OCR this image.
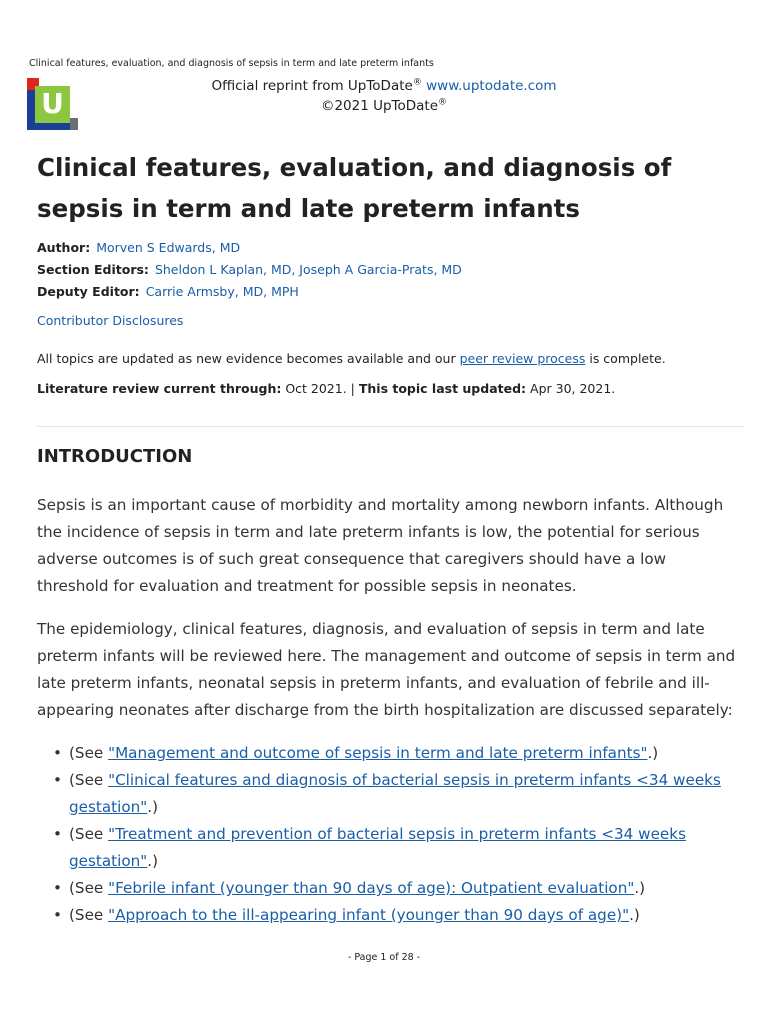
Clinical features, evaluation, and diagnosis of sepsis in term and late preterm infants
U
Official reprint from UpToDate® www.uptodate.com
©2021 UpToDate®
Clinical features, evaluation, and diagnosis of sepsis in term and late preterm infants
Author: Morven S Edwards, MD
Section Editors: Sheldon L Kaplan, MD, Joseph A Garcia-Prats, MD
Deputy Editor: Carrie Armsby, MD, MPH
Contributor Disclosures
All topics are updated as new evidence becomes available and our peer review process is complete.
Literature review current through: Oct 2021. | This topic last updated: Apr 30, 2021.
INTRODUCTION

Sepsis is an important cause of morbidity and mortality among newborn infants. Although the incidence of sepsis in term and late preterm infants is low, the potential for serious adverse outcomes is of such great consequence that caregivers should have a low threshold for evaluation and treatment for possible sepsis in neonates.

The epidemiology, clinical features, diagnosis, and evaluation of sepsis in term and late preterm infants will be reviewed here. The management and outcome of sepsis in term and late preterm infants, neonatal sepsis in preterm infants, and evaluation of febrile and ill-appearing neonates after discharge from the birth hospitalization are discussed separately:

• (See "Management and outcome of sepsis in term and late preterm infants".)
• (See "Clinical features and diagnosis of bacterial sepsis in preterm infants <34 weeks gestation".)
• (See "Treatment and prevention of bacterial sepsis in preterm infants <34 weeks gestation".)
• (See "Febrile infant (younger than 90 days of age): Outpatient evaluation".)
• (See "Approach to the ill-appearing infant (younger than 90 days of age)".)
- Page 1 of 28 -
